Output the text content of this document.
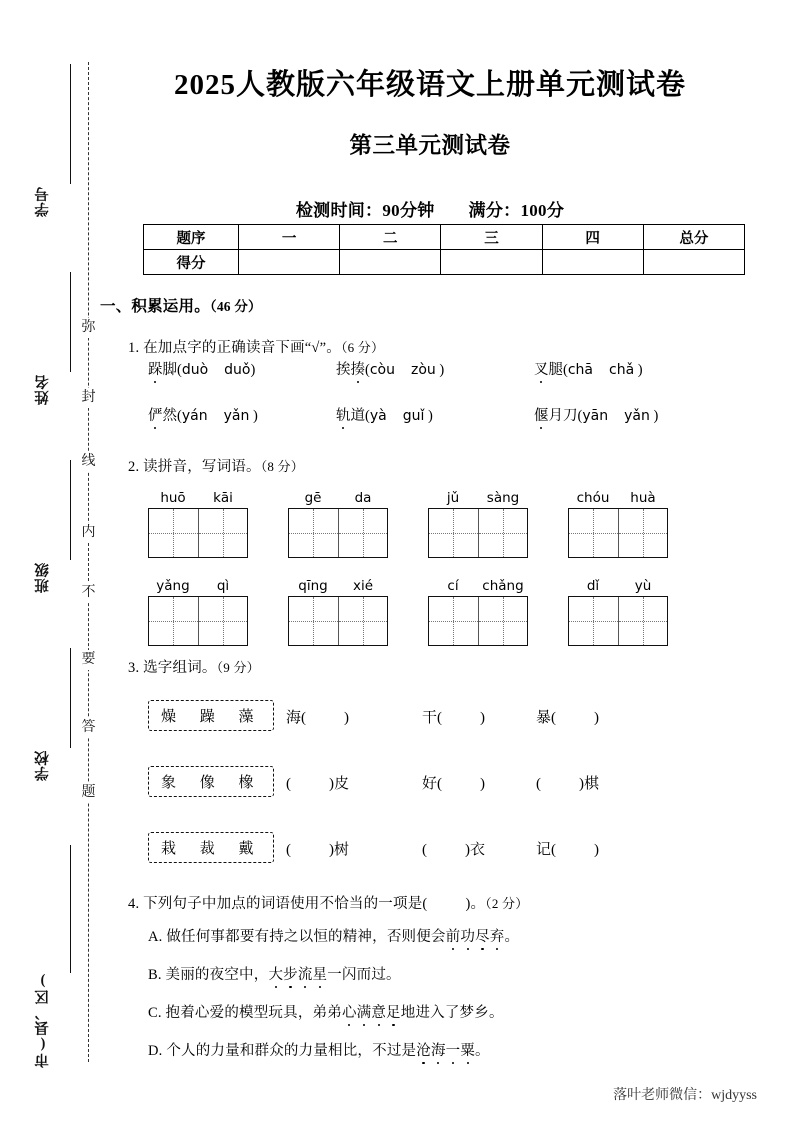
学号
姓名
班级
学校
市(县、区)
弥
封
线
内
不
要
答
题
2025人教版六年级语文上册单元测试卷
第三单元测试卷
检测时间：90分钟 满分：100分
题序	一	二	三	四	总分
得分					
一、积累运用。（46 分）
1. 在加点字的正确读音下画“√”。（6 分）
跺脚(duò duǒ)	挨揍(còu zòu )	叉腿(chā chǎ )
俨然(yán yǎn )	轨道(yà guǐ )	偃月刀(yān yǎn )
2. 读拼音，写词语。（8 分）
huō	kāi	gē	da	jǔ	sàng	chóu	huà
yǎng	qì	qīng	xié	cí	chǎng	dǐ	yù
3. 选字组词。（9 分）
燥 躁 藻	海(	)	干(	)	暴(	)
象 像 橡	(	)皮	好(	)	(	)棋
栽 裁 戴	(	)树	(	)衣	记(	)
4. 下列句子中加点的词语使用不恰当的一项是(	)。（2 分）
A. 做任何事都要有持之以恒的精神，否则便会前功尽弃。
B. 美丽的夜空中，大步流星一闪而过。
C. 抱着心爱的模型玩具，弟弟心满意足地进入了梦乡。
D. 个人的力量和群众的力量相比，不过是沧海一粟。
落叶老师微信：wjdyyss
